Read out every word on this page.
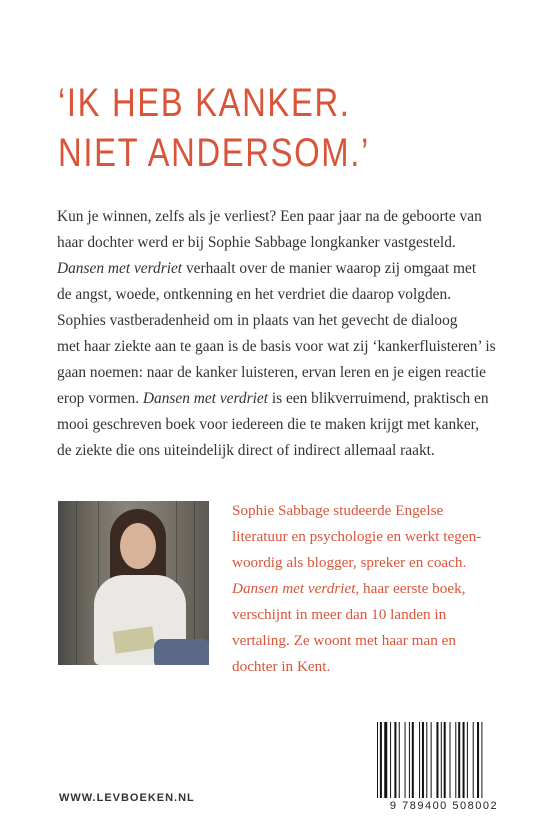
‘IK HEB KANKER.
NIET ANDERSOM.’
Kun je winnen, zelfs als je verliest? Een paar jaar na de geboorte van
haar dochter werd er bij Sophie Sabbage longkanker vastgesteld.
Dansen met verdriet verhaalt over de manier waarop zij omgaat met
de angst, woede, ontkenning en het verdriet die daarop volgden.
Sophies vastberadenheid om in plaats van het gevecht de dialoog
met haar ziekte aan te gaan is de basis voor wat zij ‘kankerfluisteren’ is
gaan noemen: naar de kanker luisteren, ervan leren en je eigen reactie
erop vormen. Dansen met verdriet is een blikverruimend, praktisch en
mooi geschreven boek voor iedereen die te maken krijgt met kanker,
de ziekte die ons uiteindelijk direct of indirect allemaal raakt.
Sophie Sabbage studeerde Engelse
literatuur en psychologie en werkt tegen-
woordig als blogger, spreker en coach.
Dansen met verdriet, haar eerste boek,
verschijnt in meer dan 10 landen in
vertaling. Ze woont met haar man en
dochter in Kent.
WWW.LEVBOEKEN.NL
9 789400 508002
